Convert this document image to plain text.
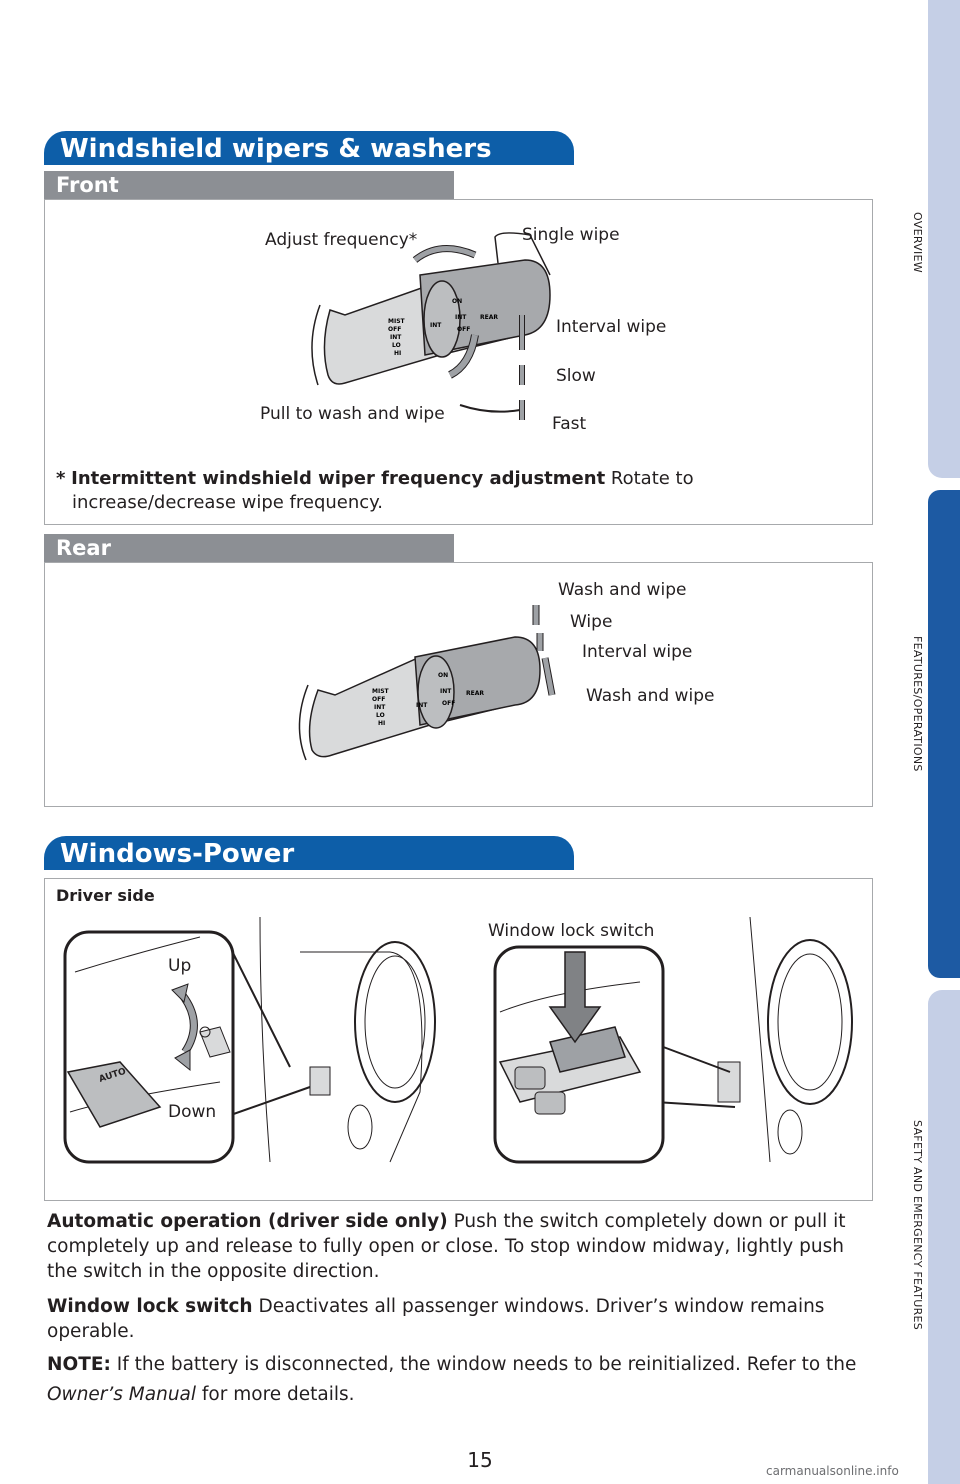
OVERVIEW
FEATURES/OPERATIONS
SAFETY AND EMERGENCY FEATURES
Windshield wipers & washers
Front
MIST
OFF
INT
LO
HI
ON
INT
OFF
REAR
INT
Adjust frequency*	Single wipe
Interval wipe
Slow
Pull to wash and wipe	Fast
* Intermittent windshield wiper frequency adjustment Rotate to
increase/decrease wipe frequency.
Rear
MIST
OFF
INT
LO
HI
ON
INT
OFF
REAR
INT
Wash and wipe
Wipe
Interval wipe
Wash and wipe
Windows-Power
Driver side
AUTO
Up
Down
Window lock switch
Automatic operation (driver side only) Push the switch completely down or pull it completely up and release to fully open or close. To stop window midway, lightly push the switch in the opposite direction.
Window lock switch Deactivates all passenger windows. Driver’s window remains operable.
NOTE: If the battery is disconnected, the window needs to be reinitialized. Refer to the Owner’s Manual for more details.
15	carmanualsonline.info
